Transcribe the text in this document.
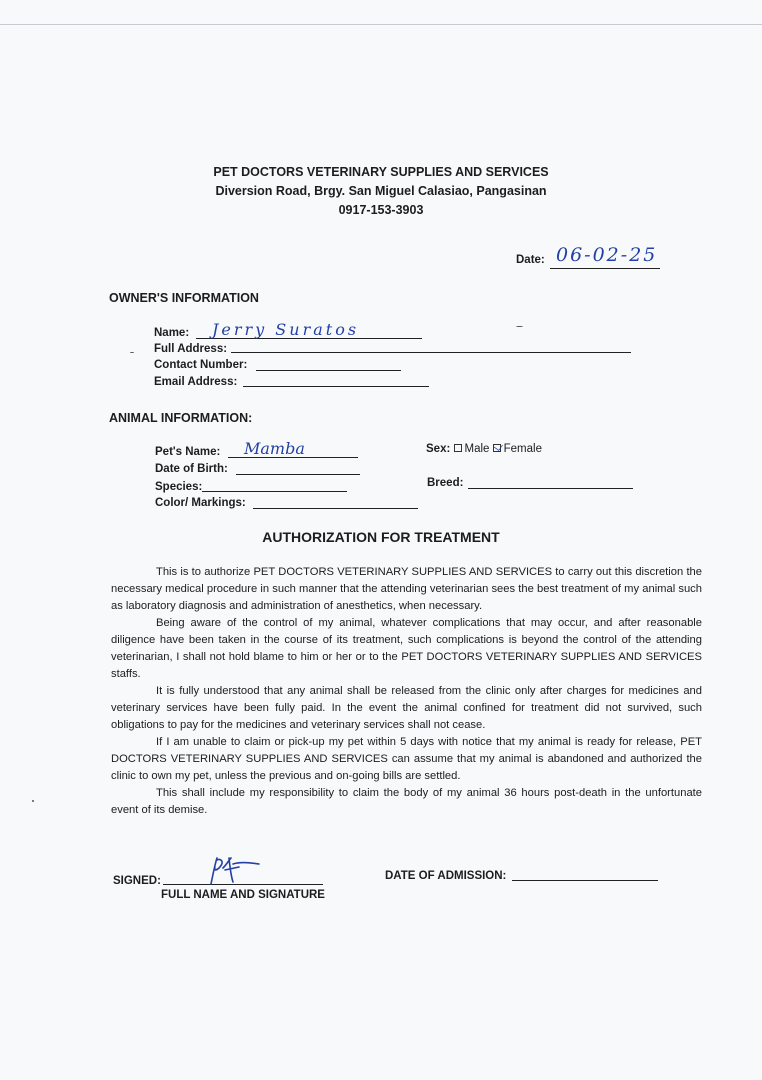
PET DOCTORS VETERINARY SUPPLIES AND SERVICES
Diversion Road, Brgy. San Miguel Calasiao, Pangasinan
0917-153-3903
Date: 06-02-25
OWNER'S INFORMATION
Name: Jerry Suratos
Full Address:
Contact Number:
Email Address:
ANIMAL INFORMATION:
Pet's Name: Mamba
Date of Birth:
Species:
Color/ Markings:
Sex: Male Female
Breed:
AUTHORIZATION FOR TREATMENT

This is to authorize PET DOCTORS VETERINARY SUPPLIES AND SERVICES to carry out this discretion the necessary medical procedure in such manner that the attending veterinarian sees the best treatment of my animal such as laboratory diagnosis and administration of anesthetics, when necessary.

Being aware of the control of my animal, whatever complications that may occur, and after reasonable diligence have been taken in the course of its treatment, such complications is beyond the control of the attending veterinarian, I shall not hold blame to him or her or to the PET DOCTORS VETERINARY SUPPLIES AND SERVICES staffs.

It is fully understood that any animal shall be released from the clinic only after charges for medicines and veterinary services have been fully paid. In the event the animal confined for treatment did not survived, such obligations to pay for the medicines and veterinary services shall not cease.

If I am unable to claim or pick-up my pet within 5 days with notice that my animal is ready for release, PET DOCTORS VETERINARY SUPPLIES AND SERVICES can assume that my animal is abandoned and authorized the clinic to own my pet, unless the previous and on-going bills are settled.

This shall include my responsibility to claim the body of my animal 36 hours post-death in the unfortunate event of its demise.

SIGNED:
FULL NAME AND SIGNATURE
DATE OF ADMISSION:
